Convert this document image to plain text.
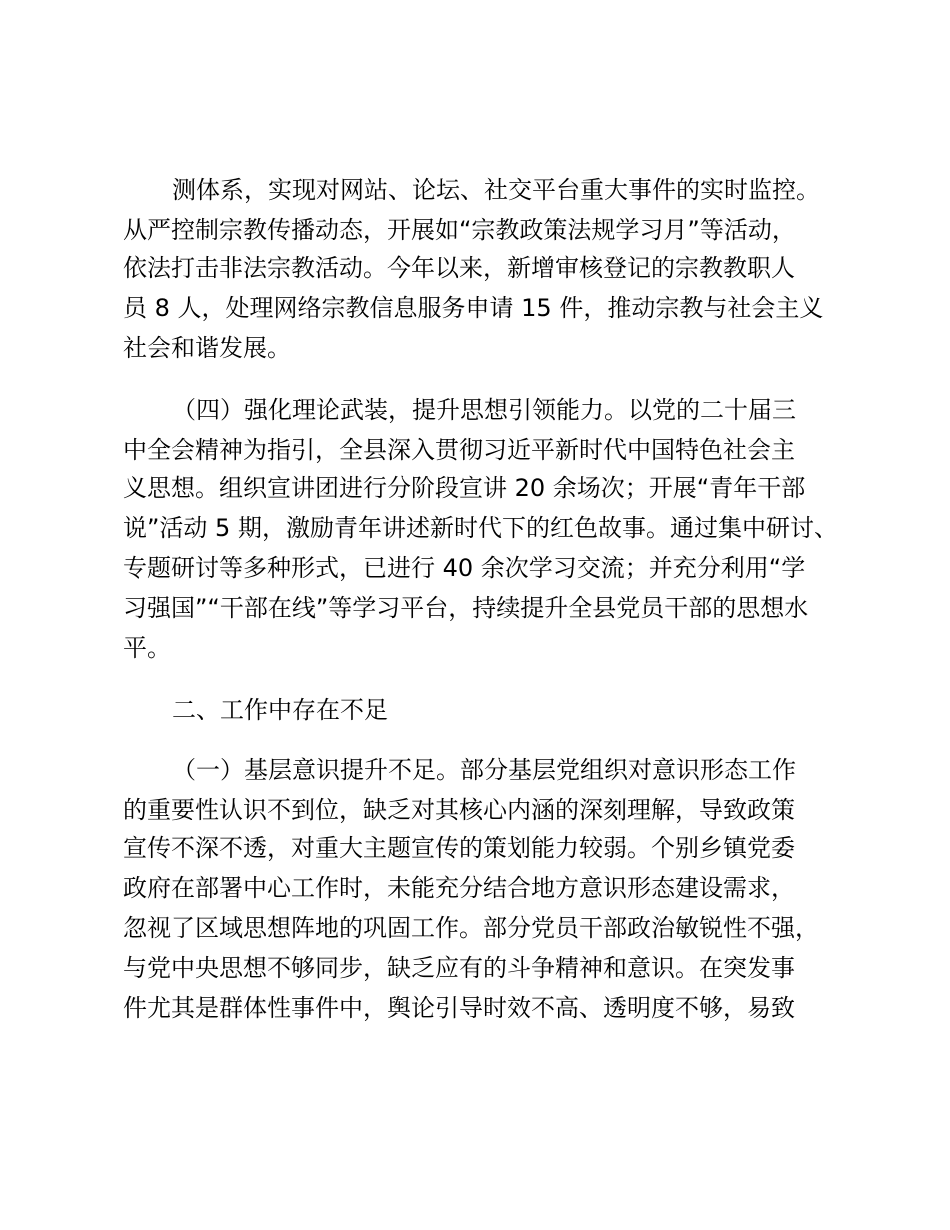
测体系，实现对网站、论坛、社交平台重大事件的实时监控。
从严控制宗教传播动态，开展如“宗教政策法规学习月”等活动，
依法打击非法宗教活动。今年以来，新增审核登记的宗教教职人
员 8 人，处理网络宗教信息服务申请 15 件，推动宗教与社会主义
社会和谐发展。
（四）强化理论武装，提升思想引领能力。以党的二十届三
中全会精神为指引，全县深入贯彻习近平新时代中国特色社会主
义思想。组织宣讲团进行分阶段宣讲 20 余场次；开展“青年干部
说”活动 5 期，激励青年讲述新时代下的红色故事。通过集中研讨、
专题研讨等多种形式，已进行 40 余次学习交流；并充分利用“学
习强国”“干部在线”等学习平台，持续提升全县党员干部的思想水
平。
二、工作中存在不足
（一）基层意识提升不足。部分基层党组织对意识形态工作
的重要性认识不到位，缺乏对其核心内涵的深刻理解，导致政策
宣传不深不透，对重大主题宣传的策划能力较弱。个别乡镇党委
政府在部署中心工作时，未能充分结合地方意识形态建设需求，
忽视了区域思想阵地的巩固工作。部分党员干部政治敏锐性不强，
与党中央思想不够同步，缺乏应有的斗争精神和意识。在突发事
件尤其是群体性事件中，舆论引导时效不高、透明度不够，易致
